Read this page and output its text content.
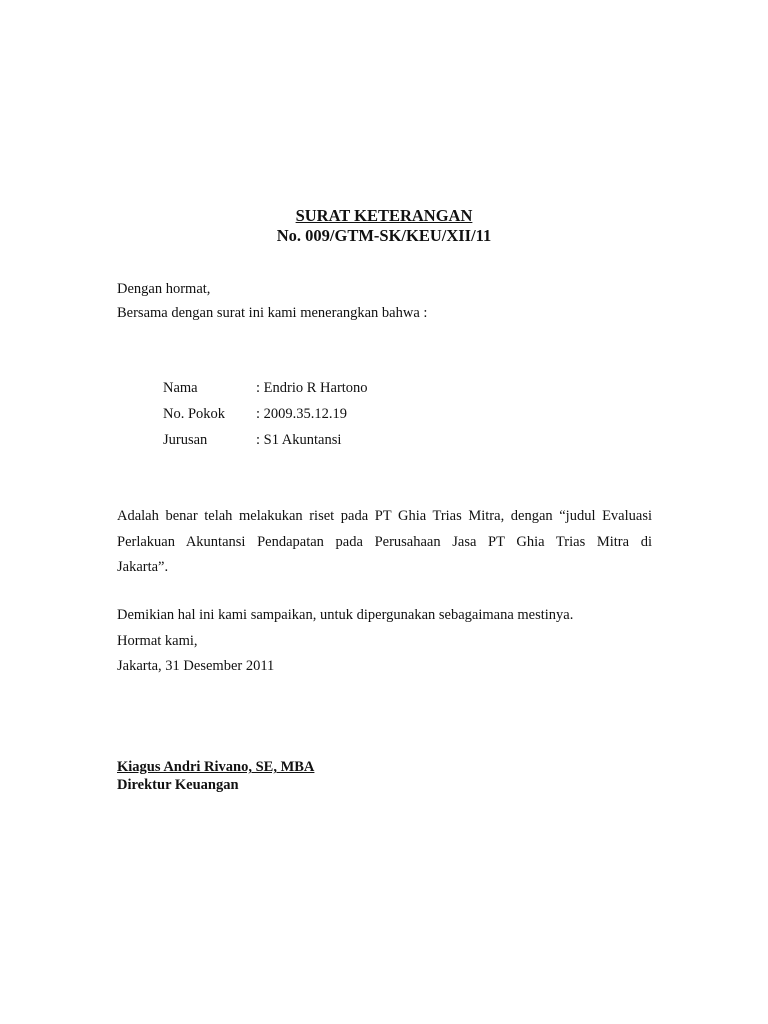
SURAT KETERANGAN
No. 009/GTM-SK/KEU/XII/11
Dengan hormat,
Bersama dengan surat ini kami menerangkan bahwa :
Nama	: Endrio R Hartono
No. Pokok : 2009.35.12.19
Jurusan	: S1 Akuntansi
Adalah benar telah melakukan riset pada PT Ghia Trias Mitra, dengan “judul Evaluasi
Perlakuan Akuntansi Pendapatan pada Perusahaan Jasa PT Ghia Trias Mitra di
Jakarta”.
Demikian hal ini kami sampaikan, untuk dipergunakan sebagaimana mestinya.
Hormat kami,
Jakarta, 31 Desember 2011
Kiagus Andri Rivano, SE, MBA
Direktur Keuangan
